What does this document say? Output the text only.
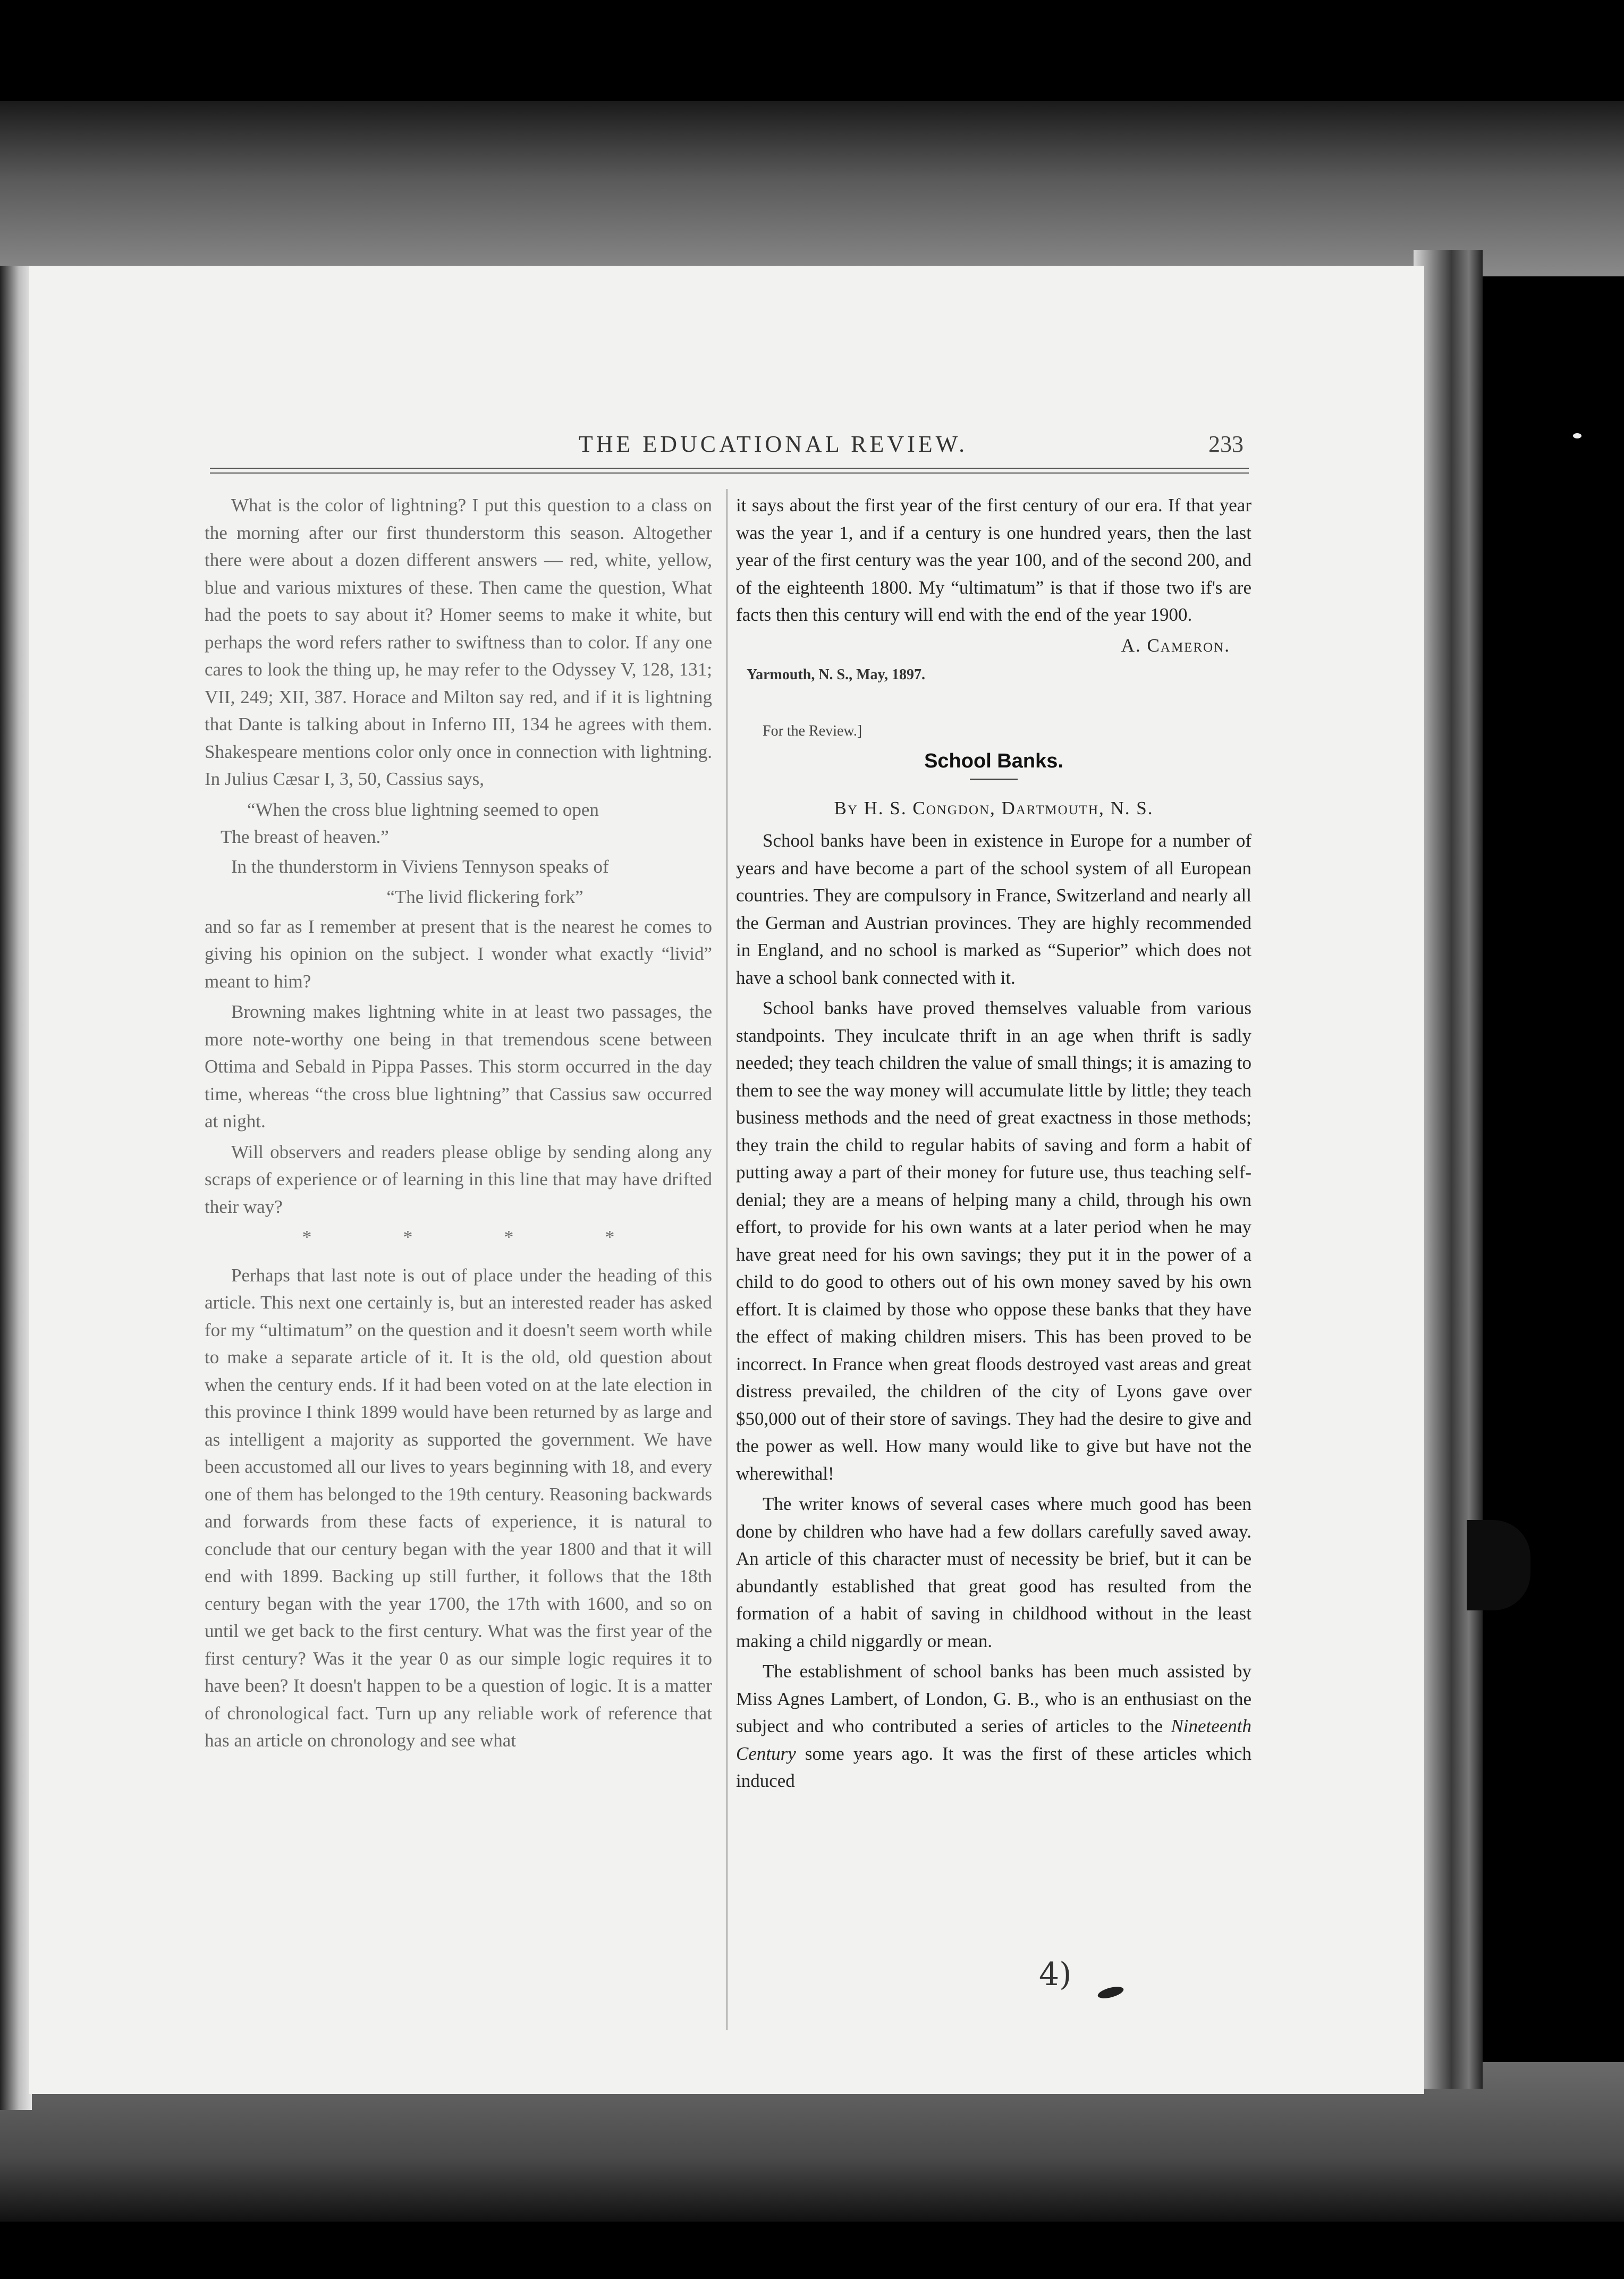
THE EDUCATIONAL REVIEW.	233

What is the color of lightning? I put this question to a class on the morning after our first thunderstorm this season. Altogether there were about a dozen different answers — red, white, yellow, blue and various mixtures of these. Then came the question, What had the poets to say about it? Homer seems to make it white, but perhaps the word refers rather to swiftness than to color. If any one cares to look the thing up, he may refer to the Odyssey V, 128, 131; VII, 249; XII, 387. Horace and Milton say red, and if it is lightning that Dante is talking about in Inferno III, 134 he agrees with them. Shakespeare mentions color only once in connection with lightning. In Julius Cæsar I, 3, 50, Cassius says,

“When the cross blue lightning seemed to open
The breast of heaven.”

In the thunderstorm in Viviens Tennyson speaks of

“The livid flickering fork”

and so far as I remember at present that is the nearest he comes to giving his opinion on the subject. I wonder what exactly “livid” meant to him?

Browning makes lightning white in at least two passages, the more note-worthy one being in that tremendous scene between Ottima and Sebald in Pippa Passes. This storm occurred in the day time, whereas “the cross blue lightning” that Cassius saw occurred at night.

Will observers and readers please oblige by sending along any scraps of experience or of learning in this line that may have drifted their way?

*	*	*	*

Perhaps that last note is out of place under the heading of this article. This next one certainly is, but an interested reader has asked for my “ultimatum” on the question and it doesn't seem worth while to make a separate article of it. It is the old, old question about when the century ends. If it had been voted on at the late election in this province I think 1899 would have been returned by as large and as intelligent a majority as supported the government. We have been accustomed all our lives to years beginning with 18, and every one of them has belonged to the 19th century. Reasoning backwards and forwards from these facts of experience, it is natural to conclude that our century began with the year 1800 and that it will end with 1899. Backing up still further, it follows that the 18th century began with the year 1700, the 17th with 1600, and so on until we get back to the first century. What was the first year of the first century? Was it the year 0 as our simple logic requires it to have been? It doesn't happen to be a question of logic. It is a matter of chronological fact. Turn up any reliable work of reference that has an article on chronology and see what

it says about the first year of the first century of our era. If that year was the year 1, and if a century is one hundred years, then the last year of the first century was the year 100, and of the second 200, and of the eighteenth 1800. My “ultimatum” is that if those two if's are facts then this century will end with the end of the year 1900.

A. Cameron.
Yarmouth, N. S., May, 1897.

For the Review.]

School Banks.
By H. S. Congdon, Dartmouth, N. S.

School banks have been in existence in Europe for a number of years and have become a part of the school system of all European countries. They are compulsory in France, Switzerland and nearly all the German and Austrian provinces. They are highly recommended in England, and no school is marked as “Superior” which does not have a school bank connected with it.

School banks have proved themselves valuable from various standpoints. They inculcate thrift in an age when thrift is sadly needed; they teach children the value of small things; it is amazing to them to see the way money will accumulate little by little; they teach business methods and the need of great exactness in those methods; they train the child to regular habits of saving and form a habit of putting away a part of their money for future use, thus teaching self-denial; they are a means of helping many a child, through his own effort, to provide for his own wants at a later period when he may have great need for his own savings; they put it in the power of a child to do good to others out of his own money saved by his own effort. It is claimed by those who oppose these banks that they have the effect of making children misers. This has been proved to be incorrect. In France when great floods destroyed vast areas and great distress prevailed, the children of the city of Lyons gave over $50,000 out of their store of savings. They had the desire to give and the power as well. How many would like to give but have not the wherewithal!

The writer knows of several cases where much good has been done by children who have had a few dollars carefully saved away. An article of this character must of necessity be brief, but it can be abundantly established that great good has resulted from the formation of a habit of saving in childhood without in the least making a child niggardly or mean.

The establishment of school banks has been much assisted by Miss Agnes Lambert, of London, G. B., who is an enthusiast on the subject and who contributed a series of articles to the Nineteenth Century some years ago. It was the first of these articles which induced

4)
